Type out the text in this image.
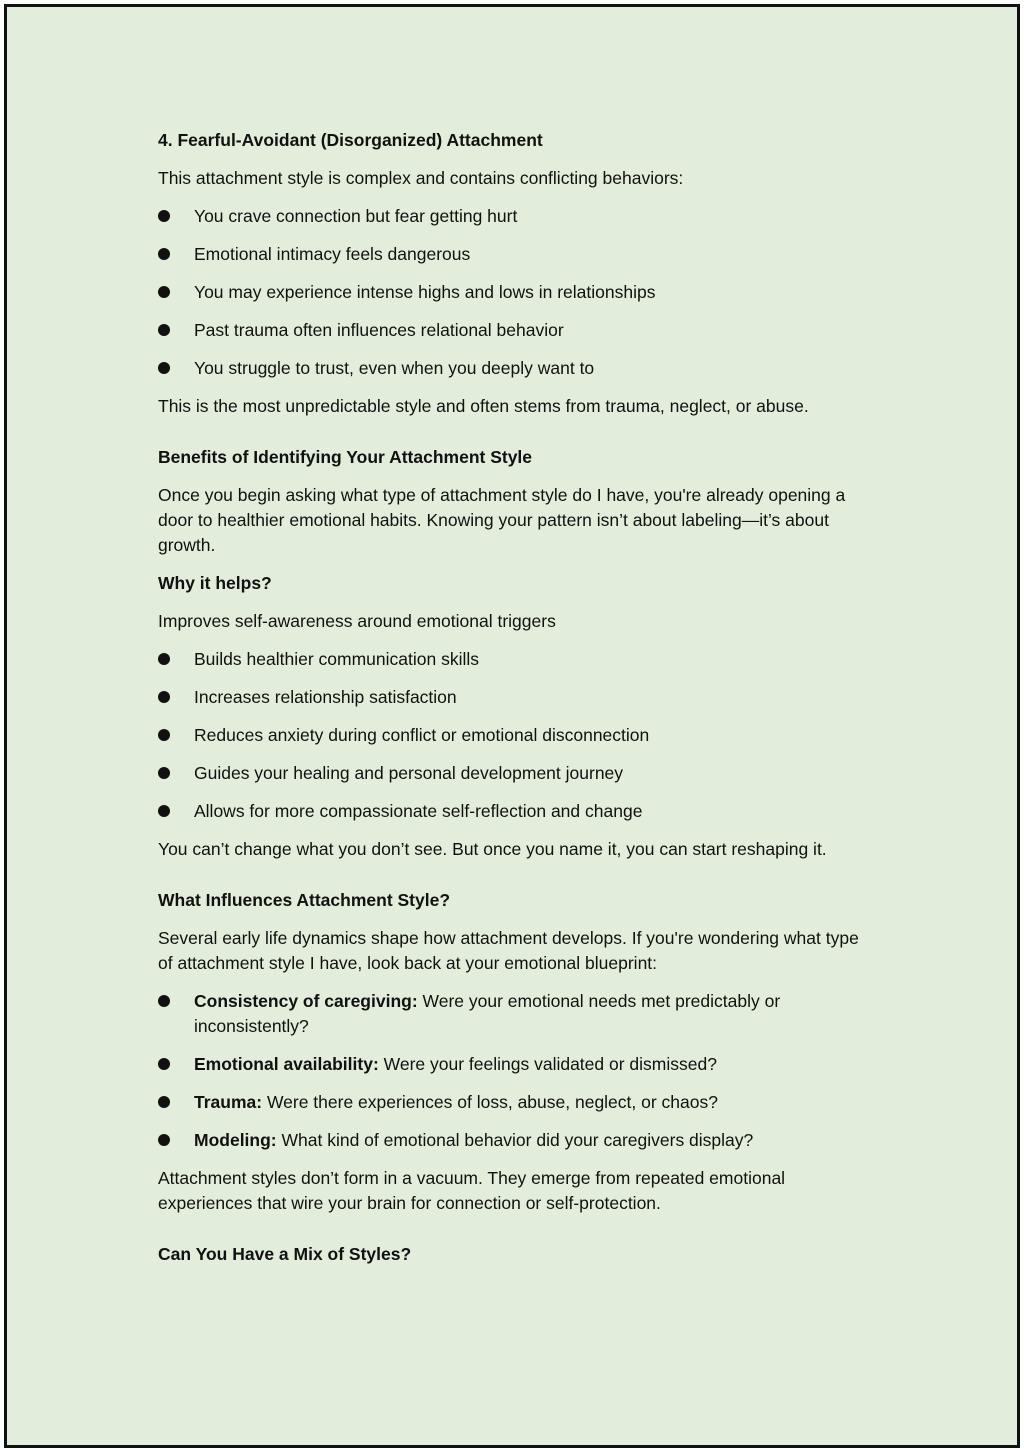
4. Fearful-Avoidant (Disorganized) Attachment
This attachment style is complex and contains conflicting behaviors:
You crave connection but fear getting hurt
Emotional intimacy feels dangerous
You may experience intense highs and lows in relationships
Past trauma often influences relational behavior
You struggle to trust, even when you deeply want to
This is the most unpredictable style and often stems from trauma, neglect, or abuse.
Benefits of Identifying Your Attachment Style
Once you begin asking what type of attachment style do I have, you're already opening a door to healthier emotional habits. Knowing your pattern isn’t about labeling—it’s about growth.
Why it helps?
Improves self-awareness around emotional triggers
Builds healthier communication skills
Increases relationship satisfaction
Reduces anxiety during conflict or emotional disconnection
Guides your healing and personal development journey
Allows for more compassionate self-reflection and change
You can’t change what you don’t see. But once you name it, you can start reshaping it.
What Influences Attachment Style?
Several early life dynamics shape how attachment develops. If you're wondering what type of attachment style I have, look back at your emotional blueprint:
Consistency of caregiving: Were your emotional needs met predictably or inconsistently?
Emotional availability: Were your feelings validated or dismissed?
Trauma: Were there experiences of loss, abuse, neglect, or chaos?
Modeling: What kind of emotional behavior did your caregivers display?
Attachment styles don’t form in a vacuum. They emerge from repeated emotional experiences that wire your brain for connection or self-protection.
Can You Have a Mix of Styles?
